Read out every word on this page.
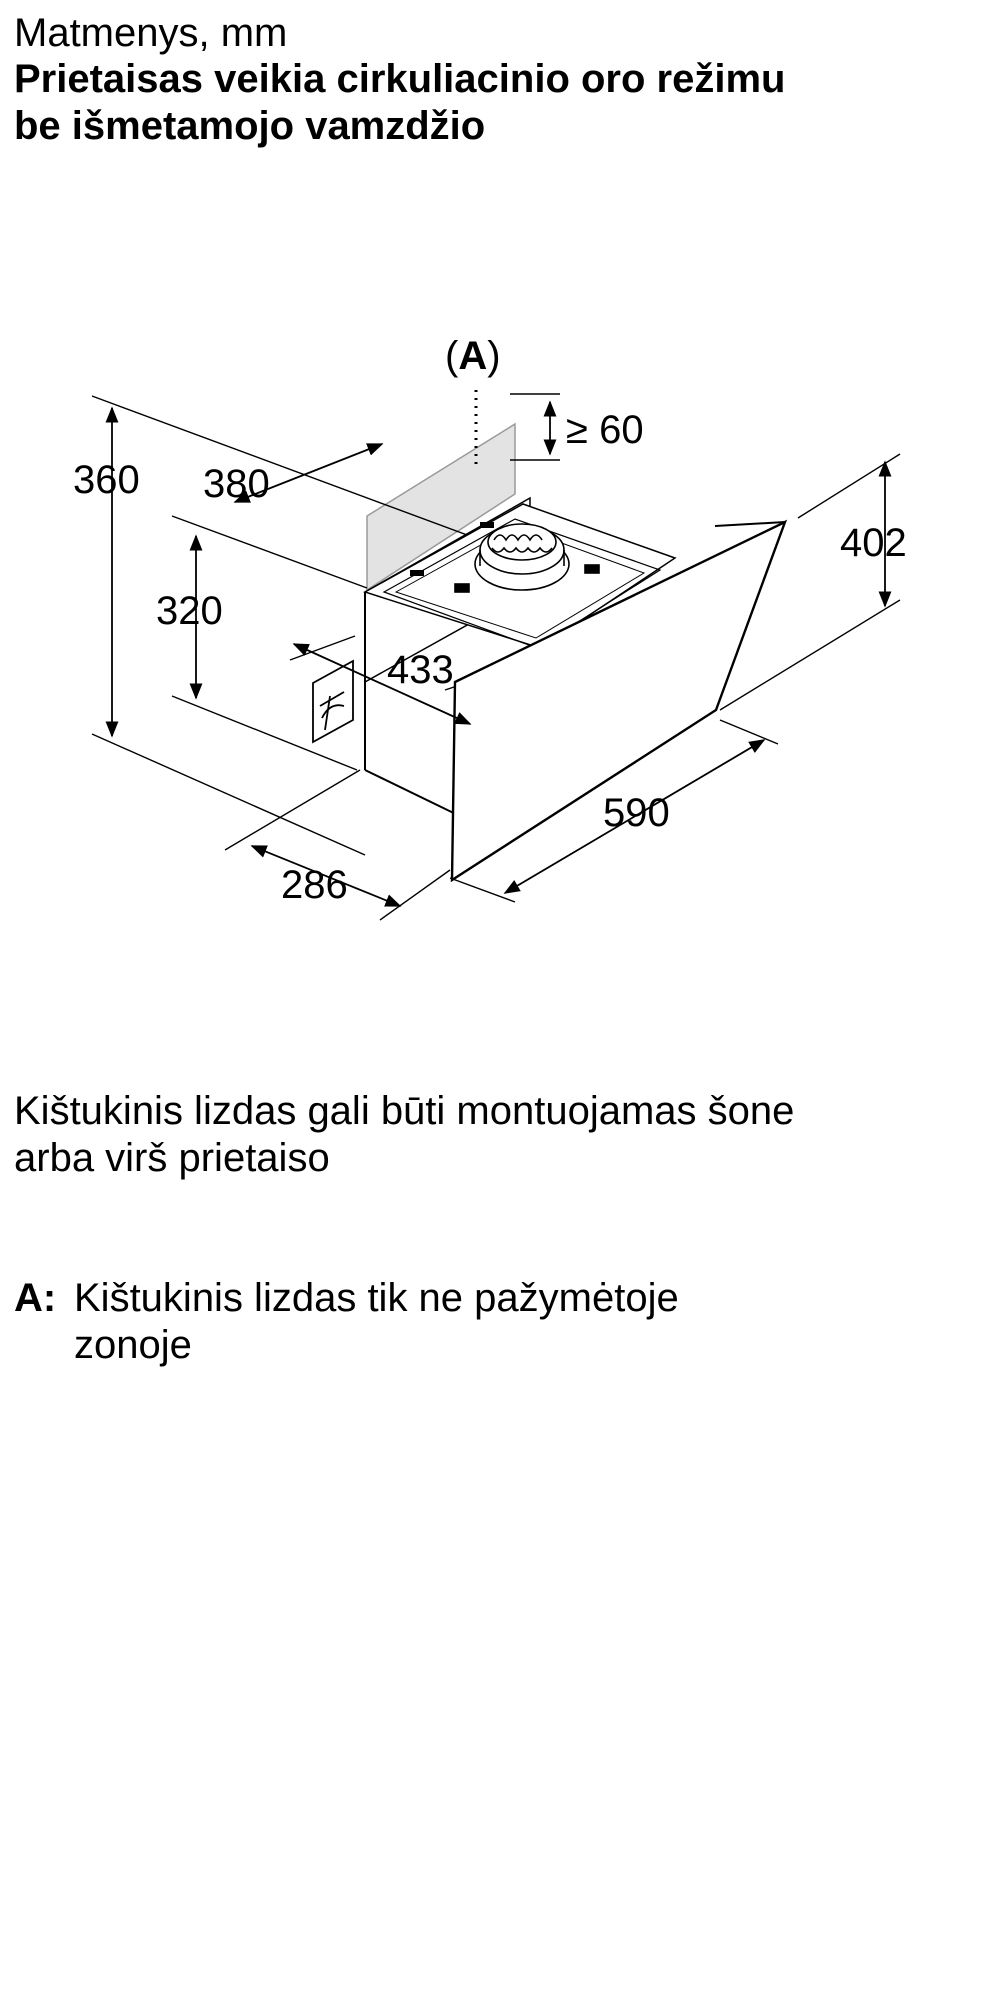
Matmenys, mm
Prietaisas veikia cirkuliacinio oro režimu
be išmetamojo vamzdžio
(A)
360 380
320
≥ 60
433
402
590
286
Kištukinis lizdas gali būti montuojamas šone
arba virš prietaiso
A: Kištukinis lizdas tik ne pažymėtoje
zonoje
